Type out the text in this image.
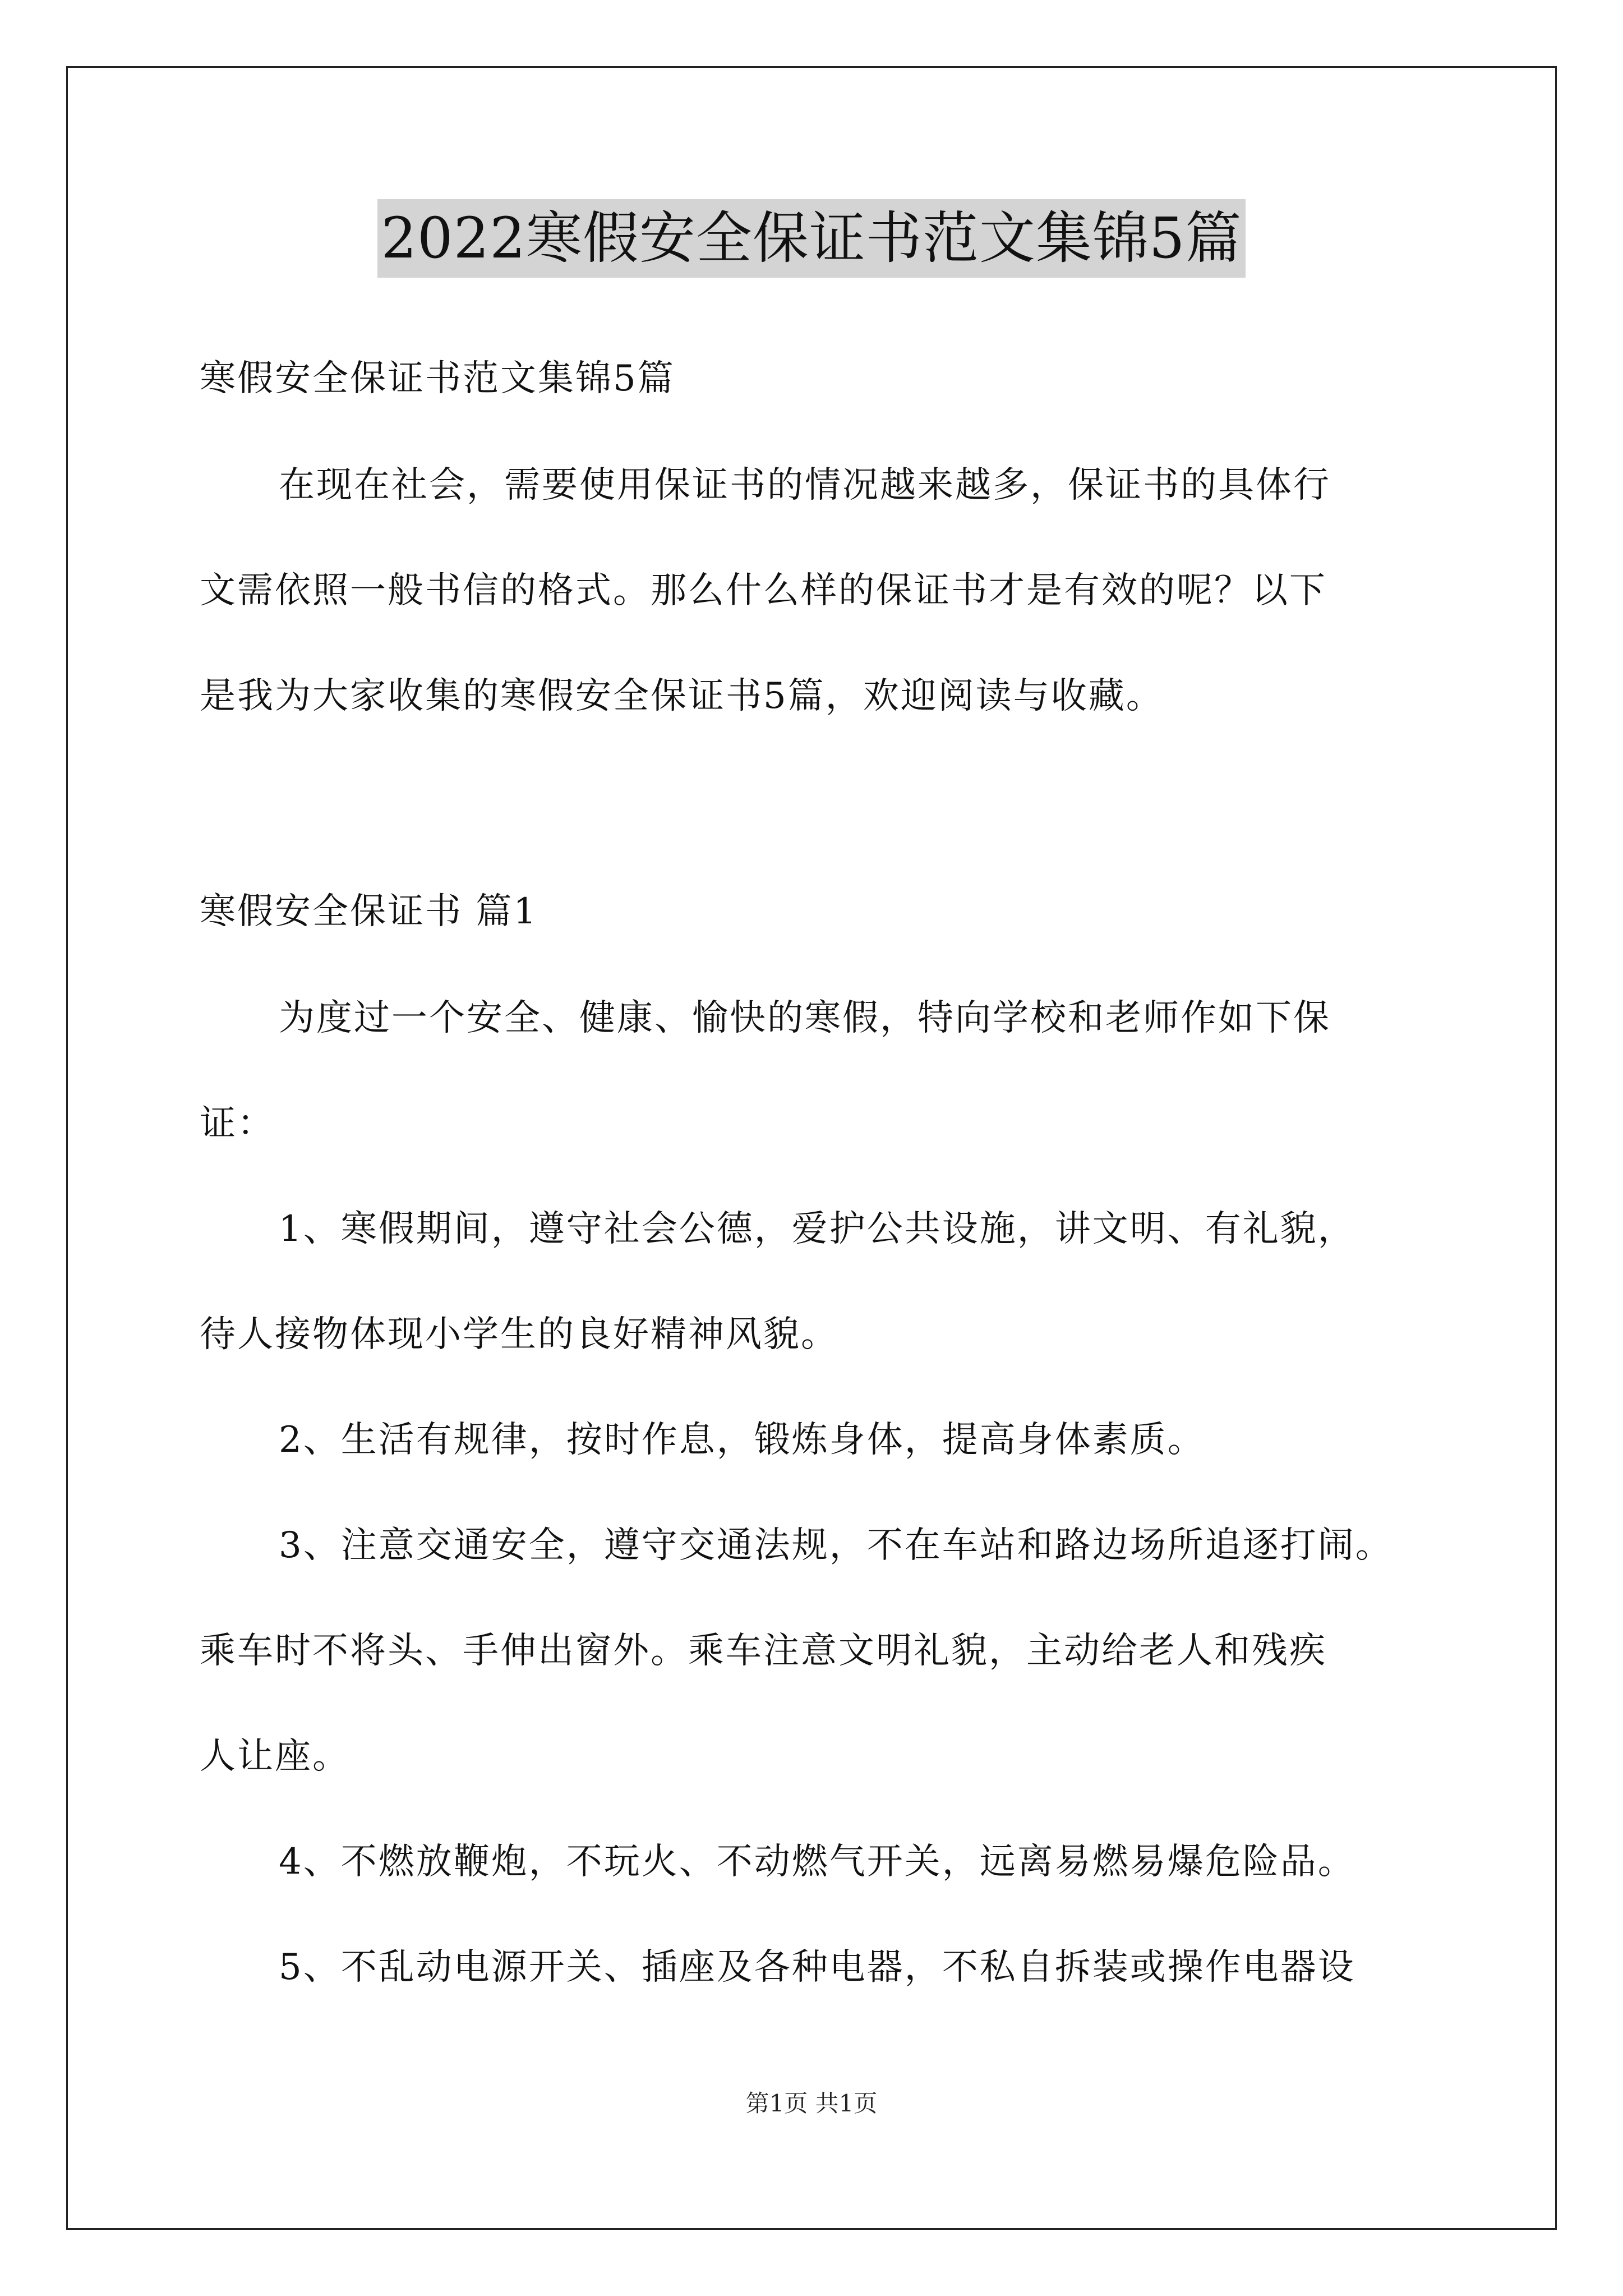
2022寒假安全保证书范文集锦5篇
寒假安全保证书范文集锦5篇
在现在社会，需要使用保证书的情况越来越多，保证书的具体行
文需依照一般书信的格式。那么什么样的保证书才是有效的呢？以下
是我为大家收集的寒假安全保证书5篇，欢迎阅读与收藏。
寒假安全保证书 篇1
为度过一个安全、健康、愉快的寒假，特向学校和老师作如下保
证：
1、寒假期间，遵守社会公德，爱护公共设施，讲文明、有礼貌，
待人接物体现小学生的良好精神风貌。
2、生活有规律，按时作息，锻炼身体，提高身体素质。
3、注意交通安全，遵守交通法规，不在车站和路边场所追逐打闹。
乘车时不将头、手伸出窗外。乘车注意文明礼貌，主动给老人和残疾
人让座。
4、不燃放鞭炮，不玩火、不动燃气开关，远离易燃易爆危险品。
5、不乱动电源开关、插座及各种电器，不私自拆装或操作电器设
第1页 共1页
